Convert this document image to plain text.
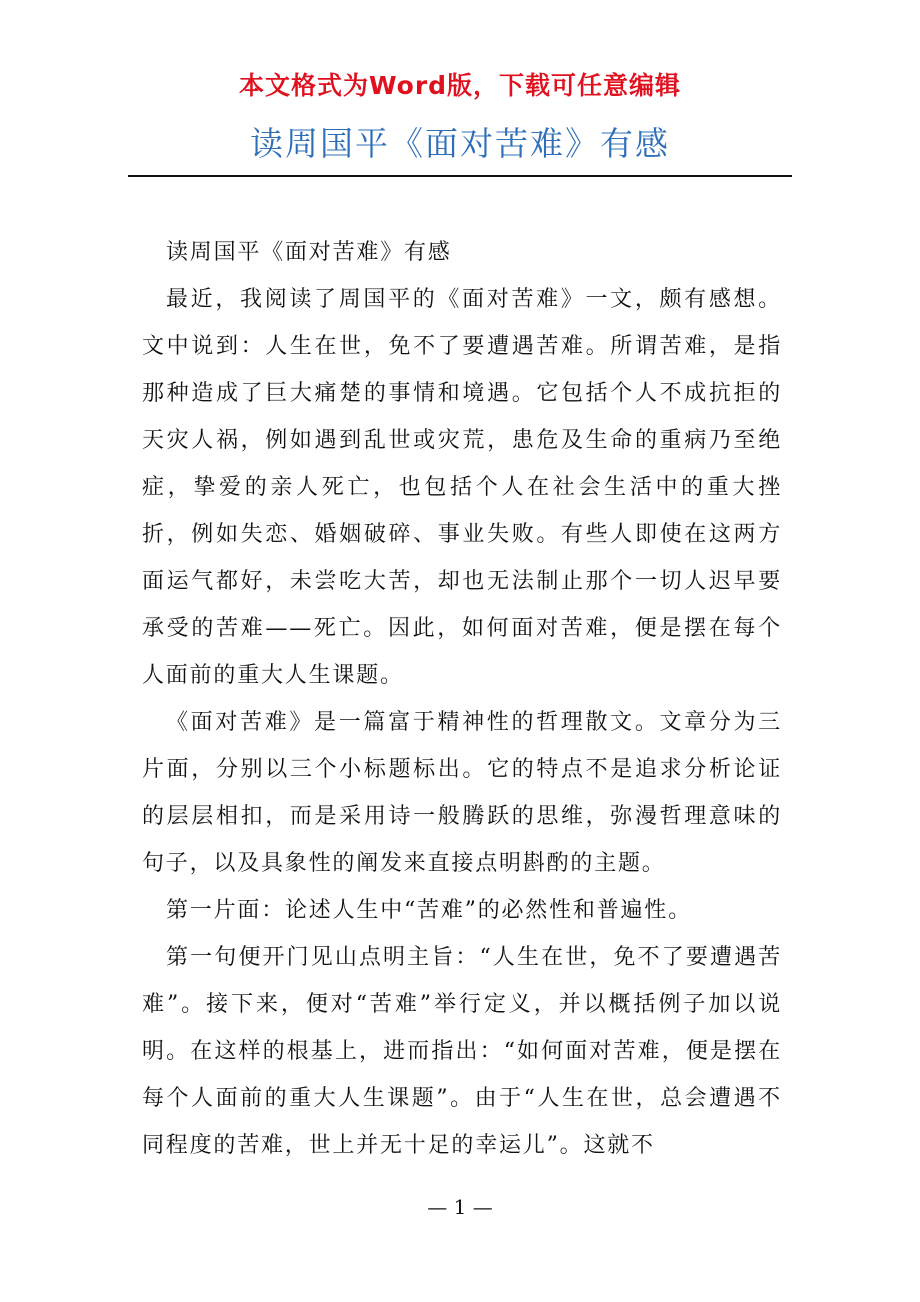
本文格式为Word版，下载可任意编辑
读周国平《面对苦难》有感

读周国平《面对苦难》有感

最近，我阅读了周国平的《面对苦难》一文，颇有感想。文中说到：人生在世，免不了要遭遇苦难。所谓苦难，是指那种造成了巨大痛楚的事情和境遇。它包括个人不成抗拒的天灾人祸，例如遇到乱世或灾荒，患危及生命的重病乃至绝症，挚爱的亲人死亡，也包括个人在社会生活中的重大挫折，例如失恋、婚姻破碎、事业失败。有些人即使在这两方面运气都好，未尝吃大苦，却也无法制止那个一切人迟早要承受的苦难——死亡。因此，如何面对苦难，便是摆在每个人面前的重大人生课题。

《面对苦难》是一篇富于精神性的哲理散文。文章分为三片面，分别以三个小标题标出。它的特点不是追求分析论证的层层相扣，而是采用诗一般腾跃的思维，弥漫哲理意味的句子，以及具象性的阐发来直接点明斟酌的主题。

第一片面：论述人生中“苦难”的必然性和普遍性。

第一句便开门见山点明主旨：“人生在世，免不了要遭遇苦难”。接下来，便对“苦难”举行定义，并以概括例子加以说明。在这样的根基上，进而指出：“如何面对苦难，便是摆在每个人面前的重大人生课题”。由于“人生在世，总会遭遇不同程度的苦难，世上并无十足的幸运儿”。这就不

— 1 —
